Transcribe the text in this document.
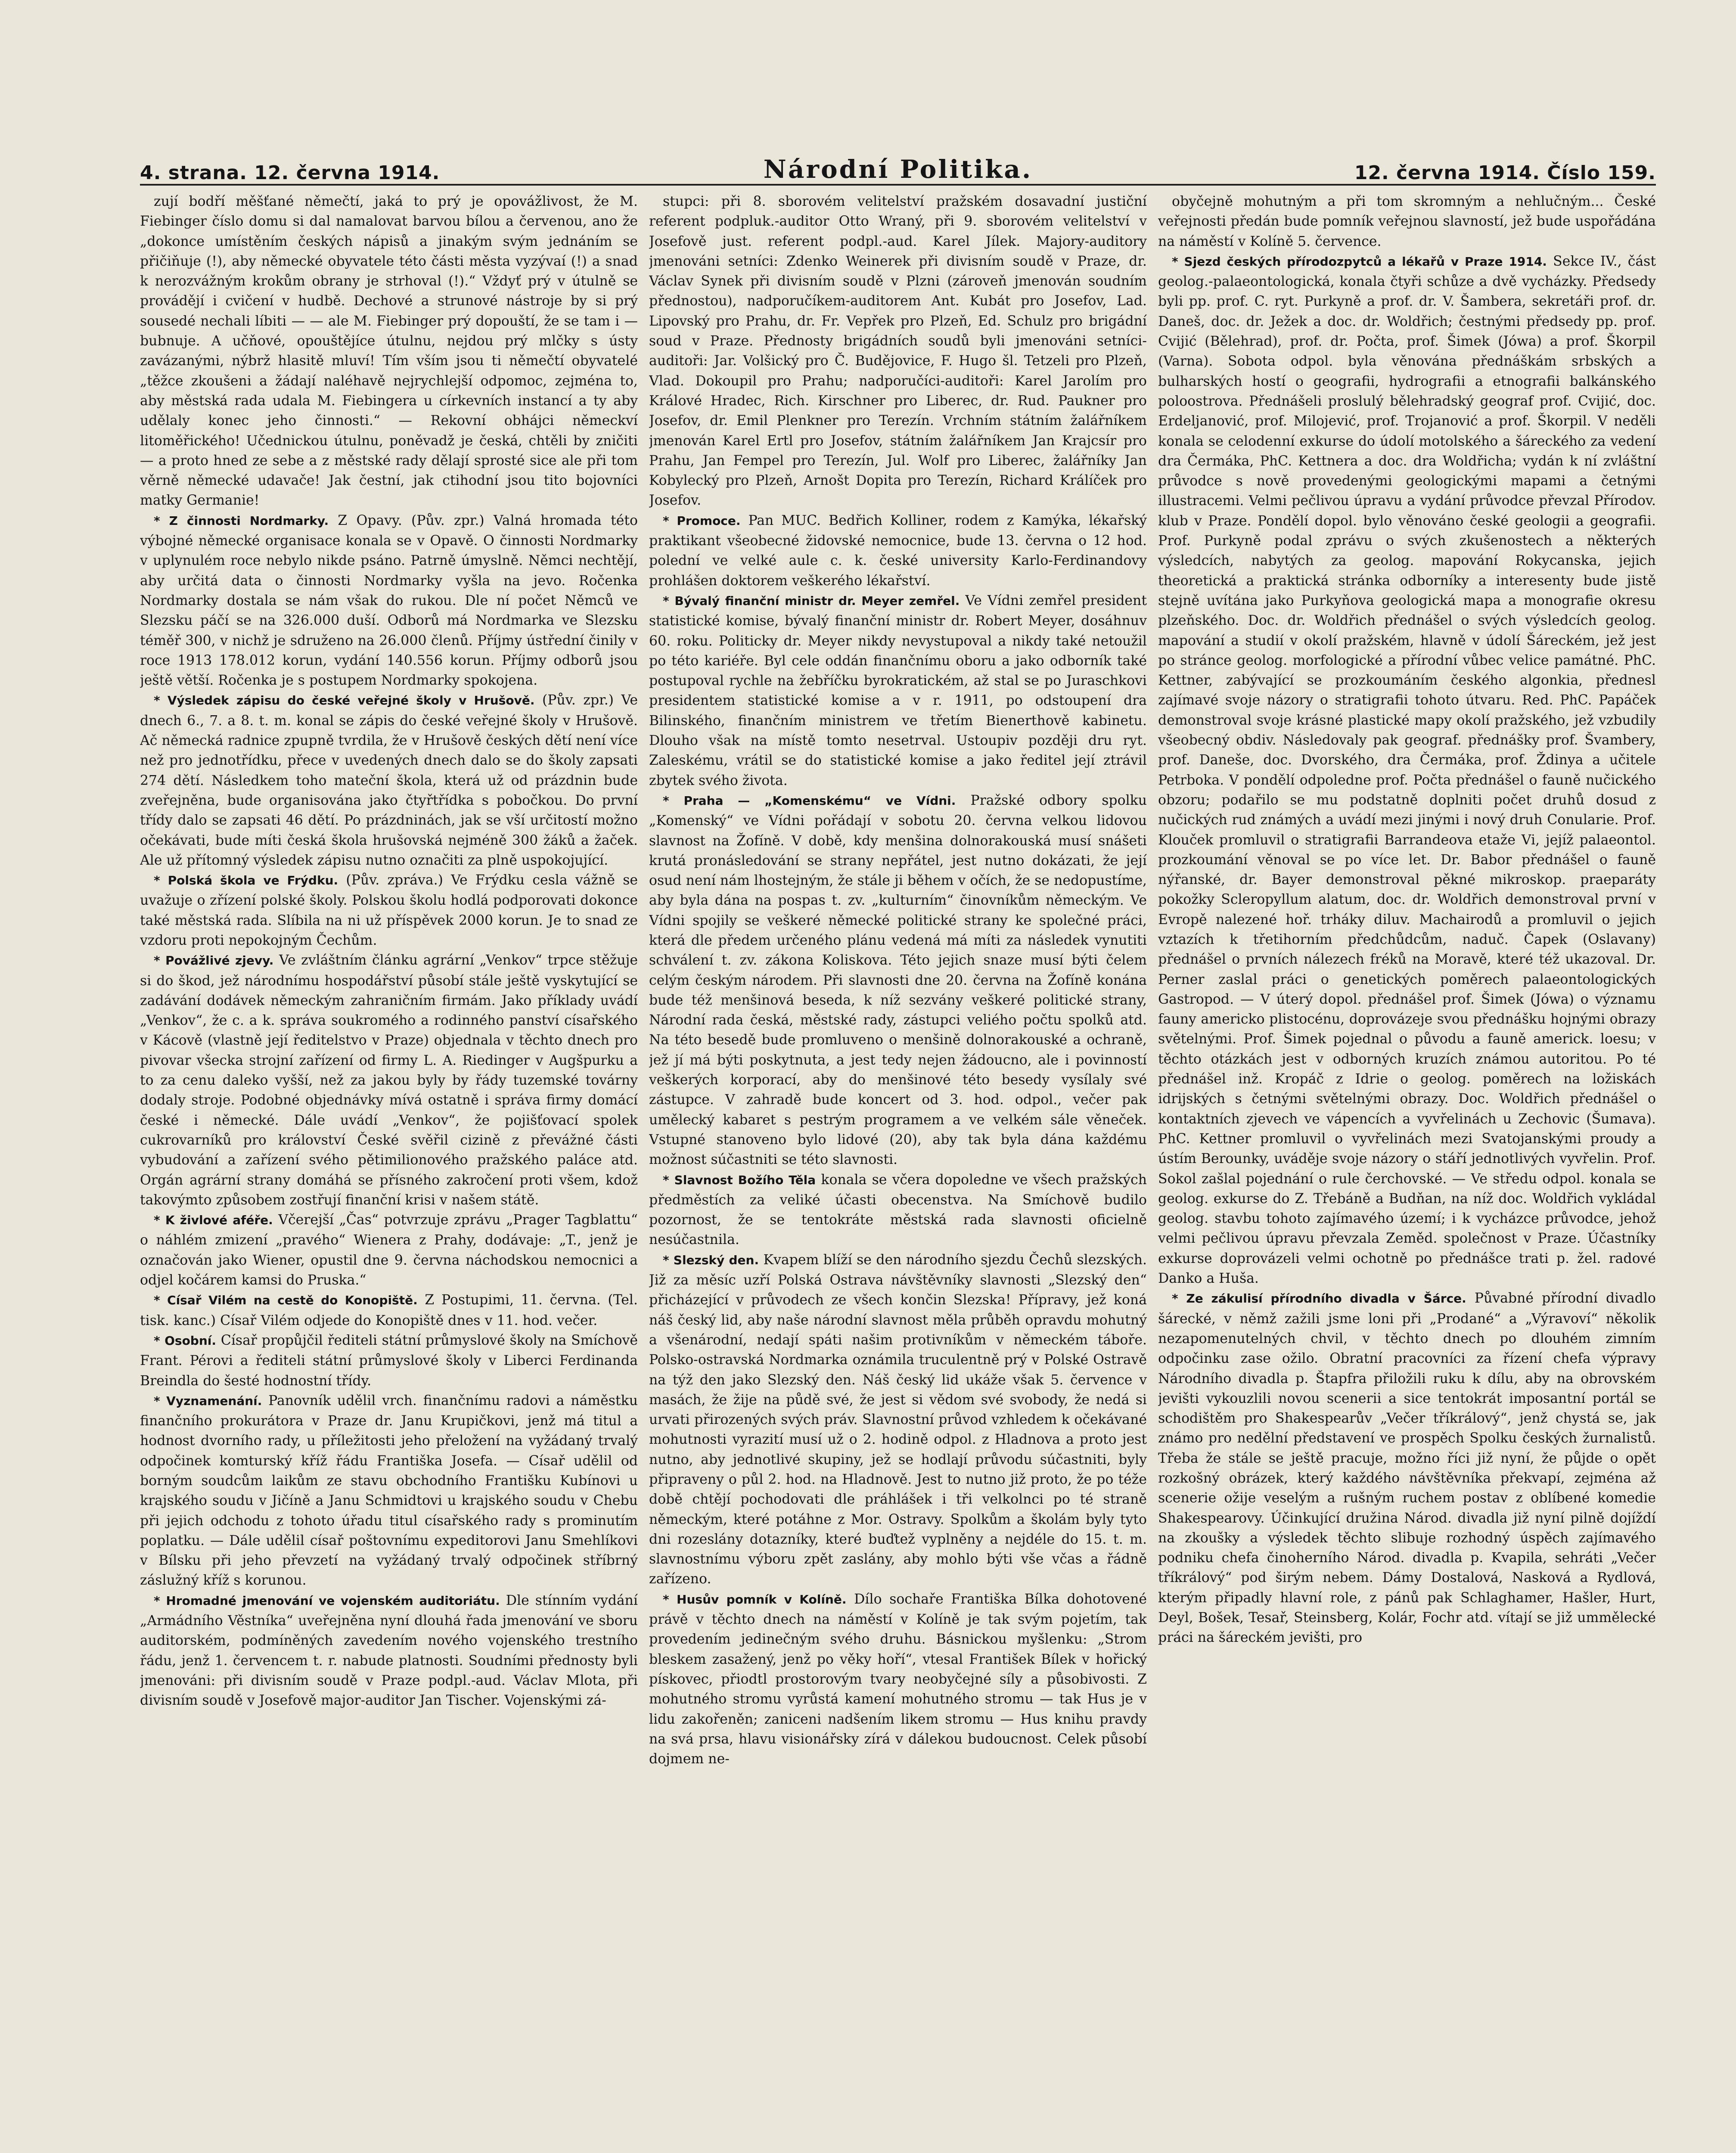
4. strana. 12. června 1914.	Národní Politika.	12. června 1914. Číslo 159.

zují bodří měšťané němečtí, jaká to prý je opovážlivost, že M. Fiebinger číslo domu si dal namalovat barvou bílou a červenou, ano že „dokonce umístěním českých nápisů a jinakým svým jednáním se přičiňuje (!), aby německé obyvatele této části města vyzývaí (!) a snad k nerozvážným krokům obrany je strhoval (!).“ Vždyť prý v útulně se provádějí i cvičení v hudbě. Dechové a strunové nástroje by si prý sousedé nechali líbiti — — ale M. Fiebinger prý dopouští, že se tam i — bubnuje. A učňové, opouštějíce útulnu, nejdou prý mlčky s ústy zavázanými, nýbrž hlasitě mluví! Tím vším jsou ti němečtí obyvatelé „těžce zkoušeni a žádají naléhavě nejrychlejší odpomoc, zejména to, aby městská rada udala M. Fiebingera u církevních instancí a ty aby udělaly konec jeho činnosti.“ — Rekovní obhájci německví litoměřického! Učednickou útulnu, poněvadž je česká, chtěli by zničiti — a proto hned ze sebe a z městské rady dělají sprosté sice ale při tom věrně německé udavače! Jak čestní, jak ctihodní jsou tito bojovníci matky Germanie!

* Z činnosti Nordmarky. Z Opavy. (Pův. zpr.) Valná hromada této výbojné německé organisace konala se v Opavě. O činnosti Nordmarky v uplynulém roce nebylo nikde psáno. Patrně úmyslně. Němci nechtějí, aby určitá data o činnosti Nordmarky vyšla na jevo. Ročenka Nordmarky dostala se nám však do rukou. Dle ní počet Němců ve Slezsku páčí se na 326.000 duší. Odborů má Nordmarka ve Slezsku téměř 300, v nichž je sdruženo na 26.000 členů. Příjmy ústřední činily v roce 1913 178.012 korun, vydání 140.556 korun. Příjmy odborů jsou ještě větší. Ročenka je s postupem Nordmarky spokojena.

* Výsledek zápisu do české veřejné školy v Hrušově. (Pův. zpr.) Ve dnech 6., 7. a 8. t. m. konal se zápis do české veřejné školy v Hrušově. Ač německá radnice zpupně tvrdila, že v Hrušově českých dětí není více než pro jednotřídku, přece v uvedených dnech dalo se do školy zapsati 274 dětí. Následkem toho mateční škola, která už od prázdnin bude zveřejněna, bude organisována jako čtyřtřídka s pobočkou. Do první třídy dalo se zapsati 46 dětí. Po prázdninách, jak se vší určitostí možno očekávati, bude míti česká škola hrušovská nejméně 300 žáků a žaček. Ale už přítomný výsledek zápisu nutno označiti za plně uspokojující.

* Polská škola ve Frýdku. (Pův. zpráva.) Ve Frýdku cesla vážně se uvažuje o zřízení polské školy. Polskou školu hodlá podporovati dokonce také městská rada. Slíbila na ni už příspěvek 2000 korun. Je to snad ze vzdoru proti nepokojným Čechům.

* Povážlivé zjevy. Ve zvláštním článku agrární „Venkov“ trpce stěžuje si do škod, jež národnímu hospodářství působí stále ještě vyskytující se zadávání dodávek německým zahraničním firmám. Jako příklady uvádí „Venkov“, že c. a k. správa soukromého a rodinného panství císařského v Kácově (vlastně její ředitelstvo v Praze) objednala v těchto dnech pro pivovar všecka strojní zařízení od firmy L. A. Riedinger v Augšpurku a to za cenu daleko vyšší, než za jakou byly by řády tuzemské továrny dodaly stroje. Podobné objednávky mívá ostatně i správa firmy domácí české i německé. Dále uvádí „Venkov“, že pojišťovací spolek cukrovarníků pro království České svěřil cizině z převážné části vybudování a zařízení svého pětimilionového pražského paláce atd. Orgán agrární strany domáhá se přísného zakročení proti všem, kdož takovýmto způsobem zostřují finanční krisi v našem státě.

* K živlové aféře. Včerejší „Čas“ potvrzuje zprávu „Prager Tagblattu“ o náhlém zmizení „pravého“ Wienera z Prahy, dodávaje: „T., jenž je označován jako Wiener, opustil dne 9. června náchodskou nemocnici a odjel kočárem kamsi do Pruska.“

* Císař Vilém na cestě do Konopiště. Z Postupimi, 11. června. (Tel. tisk. kanc.) Císař Vilém odjede do Konopiště dnes v 11. hod. večer.

* Osobní. Císař propůjčil řediteli státní průmyslové školy na Smíchově Frant. Pérovi a řediteli státní průmyslové školy v Liberci Ferdinanda Breindla do šesté hodnostní třídy.

* Vyznamenání. Panovník udělil vrch. finančnímu radovi a náměstku finančního prokurátora v Praze dr. Janu Krupičkovi, jenž má titul a hodnost dvorního rady, u příležitosti jeho přeložení na vyžádaný trvalý odpočinek komturský kříž řádu Františka Josefa. — Císař udělil od borným soudcům laikům ze stavu obchodního Františku Kubínovi u krajského soudu v Jičíně a Janu Schmidtovi u krajského soudu v Chebu při jejich odchodu z tohoto úřadu titul císařského rady s prominutím poplatku. — Dále udělil císař poštovnímu expeditorovi Janu Smehlíkovi v Bílsku při jeho převzetí na vyžádaný trvalý odpočinek stříbrný záslužný kříž s korunou.

* Hromadné jmenování ve vojenském auditoriátu. Dle stínním vydání „Armádního Věstníka“ uveřejněna nyní dlouhá řada jmenování ve sboru auditorském, podmíněných zavedením nového vojenského trestního řádu, jenž 1. červencem t. r. nabude platnosti. Soudními přednosty byli jmenováni: při divisním soudě v Praze podpl.-aud. Václav Mlota, při divisním soudě v Josefově major-auditor Jan Tischer. Vojenskými zá-

stupci: při 8. sborovém velitelství pražském dosavadní justiční referent podpluk.-auditor Otto Wraný, při 9. sborovém velitelství v Josefově just. referent podpl.-aud. Karel Jílek. Majory-auditory jmenováni setníci: Zdenko Weinerek při divisním soudě v Praze, dr. Václav Synek při divisním soudě v Plzni (zároveň jmenován soudním přednostou), nadporučíkem-auditorem Ant. Kubát pro Josefov, Lad. Lipovský pro Prahu, dr. Fr. Vepřek pro Plzeň, Ed. Schulz pro brigádní soud v Praze. Přednosty brigádních soudů byli jmenováni setníci-auditoři: Jar. Volšický pro Č. Budějovice, F. Hugo šl. Tetzeli pro Plzeň, Vlad. Dokoupil pro Prahu; nadporučíci-auditoři: Karel Jarolím pro Králové Hradec, Rich. Kirschner pro Liberec, dr. Rud. Paukner pro Josefov, dr. Emil Plenkner pro Terezín. Vrchním státním žalářníkem jmenován Karel Ertl pro Josefov, státním žalářníkem Jan Krajcsír pro Prahu, Jan Fempel pro Terezín, Jul. Wolf pro Liberec, žalářníky Jan Kobylecký pro Plzeň, Arnošt Dopita pro Terezín, Richard Králíček pro Josefov.

* Promoce. Pan MUC. Bedřich Kolliner, rodem z Kamýka, lékařský praktikant všeobecné židovské nemocnice, bude 13. června o 12 hod. polední ve velké aule c. k. české university Karlo-Ferdinandovy prohlášen doktorem veškerého lékařství.

* Bývalý finanční ministr dr. Meyer zemřel. Ve Vídni zemřel president statistické komise, bývalý finanční ministr dr. Robert Meyer, dosáhnuv 60. roku. Politicky dr. Meyer nikdy nevystupoval a nikdy také netoužil po této kariéře. Byl cele oddán finančnímu oboru a jako odborník také postupoval rychle na žebříčku byrokratickém, až stal se po Juraschkovi presidentem statistické komise a v r. 1911, po odstoupení dra Bilinského, finančním ministrem ve třetím Bienerthově kabinetu. Dlouho však na místě tomto nesetrval. Ustoupiv později dru ryt. Zaleskému, vrátil se do statistické komise a jako ředitel její ztrávil zbytek svého života.

* Praha — „Komenskému“ ve Vídni. Pražské odbory spolku „Komenský“ ve Vídni pořádají v sobotu 20. června velkou lidovou slavnost na Žofíně. V době, kdy menšina dolnorakouská musí snášeti krutá pronásledování se strany nepřátel, jest nutno dokázati, že její osud není nám lhostejným, že stále ji během v očích, že se nedopustíme, aby byla dána na pospas t. zv. „kulturním“ činovníkům německým. Ve Vídni spojily se veškeré německé politické strany ke společné práci, která dle předem určeného plánu vedená má míti za následek vynutiti schválení t. zv. zákona Koliskova. Této jejich snaze musí býti čelem celým českým národem. Při slavnosti dne 20. června na Žofíně konána bude též menšinová beseda, k níž sezvány veškeré politické strany, Národní rada česká, městské rady, zástupci veliého počtu spolků atd. Na této besedě bude promluveno o menšině dolnorakouské a ochraně, jež jí má býti poskytnuta, a jest tedy nejen žádoucno, ale i povinností veškerých korporací, aby do menšinové této besedy vysílaly své zástupce. V zahradě bude koncert od 3. hod. odpol., večer pak umělecký kabaret s pestrým programem a ve velkém sále věneček. Vstupné stanoveno bylo lidové (20), aby tak byla dána každému možnost súčastniti se této slavnosti.

* Slavnost Božího Těla konala se včera dopoledne ve všech pražských předměstích za veliké účasti obecenstva. Na Smíchově budilo pozornost, že se tentokráte městská rada slavnosti oficielně nesúčastnila.

* Slezský den. Kvapem blíží se den národního sjezdu Čechů slezských. Již za měsíc uzří Polská Ostrava návštěvníky slavnosti „Slezský den“ přicházející v průvodech ze všech končin Slezska! Přípravy, jež koná náš český lid, aby naše národní slavnost měla průběh opravdu mohutný a všenárodní, nedají spáti našim protivníkům v německém táboře. Polsko-ostravská Nordmarka oznámila truculentně prý v Polské Ostravě na týž den jako Slezský den. Náš český lid ukáže však 5. července v masách, že žije na půdě své, že jest si vědom své svobody, že nedá si urvati přirozených svých práv. Slavnostní průvod vzhledem k očekávané mohutnosti vyrazití musí už o 2. hodině odpol. z Hladnova a proto jest nutno, aby jednotlivé skupiny, jež se hodlají průvodu súčastniti, byly připraveny o půl 2. hod. na Hladnově. Jest to nutno již proto, že po téže době chtějí pochodovati dle práhlášek i tři velkolnci po té straně německým, které potáhne z Mor. Ostravy. Spolkům a školám byly tyto dni rozeslány dotazníky, které buďtež vyplněny a nejdéle do 15. t. m. slavnostnímu výboru zpět zaslány, aby mohlo býti vše včas a řádně zařízeno.

* Husův pomník v Kolíně. Dílo sochaře Františka Bílka dohotovené právě v těchto dnech na náměstí v Kolíně je tak svým pojetím, tak provedením jedinečným svého druhu. Básnickou myšlenku: „Strom bleskem zasažený, jenž po věky hoří“, vtesal František Bílek v hořický pískovec, přiodtl prostorovým tvary neobyčejné síly a působivosti. Z mohutného stromu vyrůstá kamení mohutného stromu — tak Hus je v lidu zakořeněn; zaniceni nadšením likem stromu — Hus knihu pravdy na svá prsa, hlavu visionářsky zírá v dálekou budoucnost. Celek působí dojmem ne-

obyčejně mohutným a při tom skromným a nehlučným... České veřejnosti předán bude pomník veřejnou slavností, jež bude uspořádána na náměstí v Kolíně 5. července.

* Sjezd českých přírodozpytců a lékařů v Praze 1914. Sekce IV., část geolog.-palaeontologická, konala čtyři schůze a dvě vycházky. Předsedy byli pp. prof. C. ryt. Purkyně a prof. dr. V. Šambera, sekretáři prof. dr. Daneš, doc. dr. Ježek a doc. dr. Woldřich; čestnými předsedy pp. prof. Cvijić (Bělehrad), prof. dr. Počta, prof. Šimek (Jówa) a prof. Škorpil (Varna). Sobota odpol. byla věnována přednáškám srbských a bulharských hostí o geografii, hydrografii a etnografii balkánského poloostrova. Přednášeli proslulý bělehradský geograf prof. Cvijić, doc. Erdeljanović, prof. Milojević, prof. Trojanović a prof. Škorpil. V neděli konala se celodenní exkurse do údolí motolského a šáreckého za vedení dra Čermáka, PhC. Kettnera a doc. dra Woldřicha; vydán k ní zvláštní průvodce s nově provedenými geologickými mapami a četnými illustracemi. Velmi pečlivou úpravu a vydání průvodce převzal Přírodov. klub v Praze. Pondělí dopol. bylo věnováno české geologii a geografii. Prof. Purkyně podal zprávu o svých zkušenostech a některých výsledcích, nabytých za geolog. mapování Rokycanska, jejich theoretická a praktická stránka odborníky a interesenty bude jistě stejně uvítána jako Purkyňova geologická mapa a monografie okresu plzeňského. Doc. dr. Woldřich přednášel o svých výsledcích geolog. mapování a studií v okolí pražském, hlavně v údolí Šáreckém, jež jest po stránce geolog. morfologické a přírodní vůbec velice památné. PhC. Kettner, zabývající se prozkoumáním českého algonkia, přednesl zajímavé svoje názory o stratigrafii tohoto útvaru. Red. PhC. Papáček demonstroval svoje krásné plastické mapy okolí pražského, jež vzbudily všeobecný obdiv. Následovaly pak geograf. přednášky prof. Švambery, prof. Daneše, doc. Dvorského, dra Čermáka, prof. Ždinya a učitele Petrboka. V pondělí odpoledne prof. Počta přednášel o fauně nučického obzoru; podařilo se mu podstatně doplniti počet druhů dosud z nučických rud známých a uvádí mezi jinými i nový druh Conularie. Prof. Klouček promluvil o stratigrafii Barrandeova etaže Vi, jejíž palaeontol. prozkoumání věnoval se po více let. Dr. Babor přednášel o fauně nýřanské, dr. Bayer demonstroval pěkné mikroskop. praeparáty pokožky Scleropyllum alatum, doc. dr. Woldřich demonstroval první v Evropě nalezené hoř. trháky diluv. Machairodů a promluvil o jejich vztazích k třetihorním předchůdcům, naduč. Čapek (Oslavany) přednášel o prvních nálezech fréků na Moravě, které též ukazoval. Dr. Perner zaslal práci o genetických poměrech palaeontologických Gastropod. — V úterý dopol. přednášel prof. Šimek (Jówa) o významu fauny americko plistocénu, doprovázeje svou přednášku hojnými obrazy světelnými. Prof. Šimek pojednal o původu a fauně americk. loesu; v těchto otázkách jest v odborných kruzích známou autoritou. Po té přednášel inž. Kropáč z Idrie o geolog. poměrech na ložiskách idrijských s četnými světelnými obrazy. Doc. Woldřich přednášel o kontaktních zjevech ve vápencích a vyvřelinách u Zechovic (Šumava). PhC. Kettner promluvil o vyvřelinách mezi Svatojanskými proudy a ústím Berounky, uváděje svoje názory o stáří jednotlivých vyvřelin. Prof. Sokol zašlal pojednání o rule čerchovské. — Ve středu odpol. konala se geolog. exkurse do Z. Třebáně a Budňan, na níž doc. Woldřich vykládal geolog. stavbu tohoto zajímavého území; i k vycházce průvodce, jehož velmi pečlivou úpravu převzala Zeměd. společnost v Praze. Účastníky exkurse doprovázeli velmi ochotně po přednášce trati p. žel. radové Danko a Huša.

* Ze zákulisí přírodního divadla v Šárce. Půvabné přírodní divadlo šárecké, v němž zažili jsme loni při „Prodané“ a „Výravoví“ několik nezapomenutelných chvil, v těchto dnech po dlouhém zimním odpočinku zase ožilo. Obratní pracovníci za řízení chefa výpravy Národního divadla p. Štapfra přiložili ruku k dílu, aby na obrovském jevišti vykouzlili novou scenerii a sice tentokrát imposantní portál se schodištěm pro Shakespearův „Večer tříkrálový“, jenž chystá se, jak známo pro nedělní představení ve prospěch Spolku českých žurnalistů. Třeba že stále se ještě pracuje, možno říci již nyní, že půjde o opět rozkošný obrázek, který každého návštěvníka překvapí, zejména až scenerie ožije veselým a rušným ruchem postav z oblíbené komedie Shakespearovy. Účinkující družina Národ. divadla již nyní pilně dojíždí na zkoušky a výsledek těchto slibuje rozhodný úspěch zajímavého podniku chefa činoherního Národ. divadla p. Kvapila, sehráti „Večer tříkrálový“ pod širým nebem. Dámy Dostalová, Nasková a Rydlová, kterým připadly hlavní role, z pánů pak Schlaghamer, Hašler, Hurt, Deyl, Bošek, Tesař, Steinsberg, Kolár, Fochr atd. vítají se již ummělecké práci na šáreckém jevišti, pro
